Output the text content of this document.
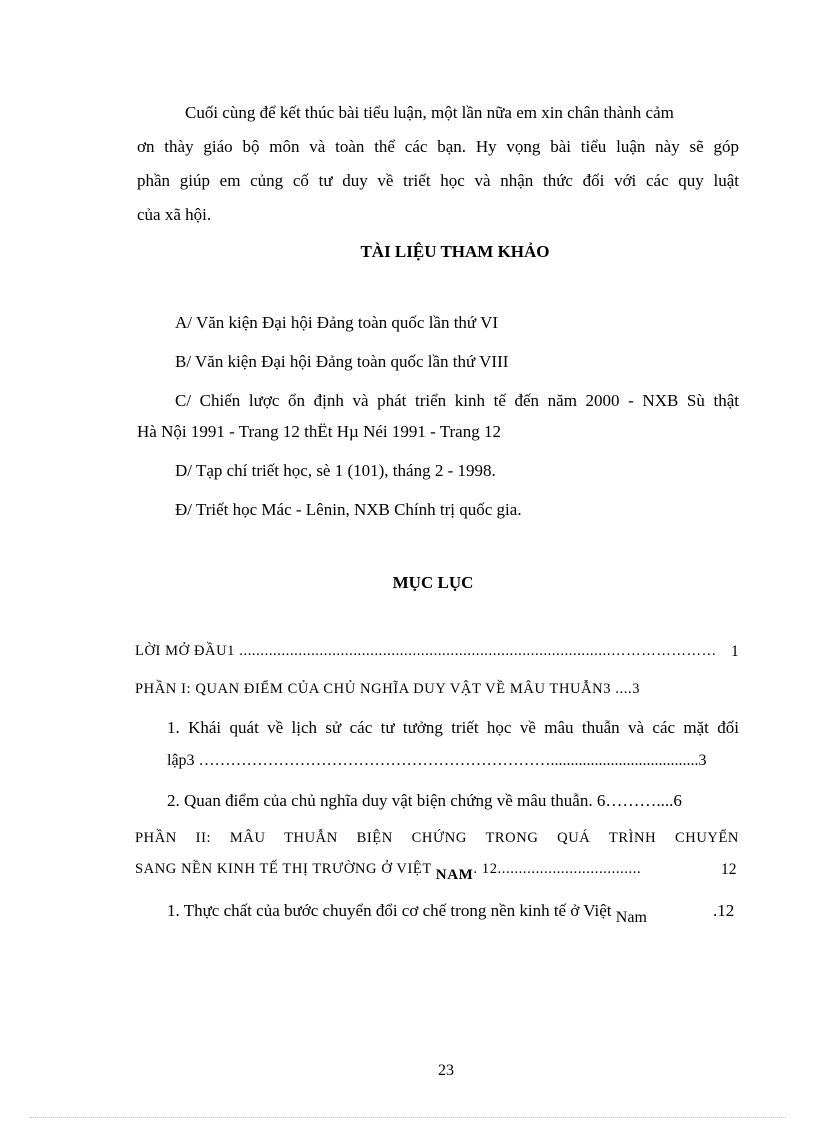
Cuối cùng để kết thúc bài tiểu luận, một lần nữa em xin chân thành cảm
ơn thày giáo bộ môn và toàn thể các bạn. Hy vọng bài tiểu luận này sẽ góp
phần giúp em củng cố tư duy về triết học và nhận thức đối với các quy luật
của xã hội.
TÀI LIỆU THAM KHẢO
A/ Văn kiện Đại hội Đảng toàn quốc lần thứ VI
B/ Văn kiện Đại hội Đảng toàn quốc lần thứ VIII
C/ Chiến lược ổn định và phát triển kinh tế đến năm 2000 - NXB Sù thật
Hà Nội 1991 - Trang 12 thËt Hµ Néi 1991 - Trang 12
D/ Tạp chí triết học, sè 1 (101), tháng 2 - 1998.
Đ/ Triết học Mác - Lênin, NXB Chính trị quốc gia.
MỤC LỤC
LỜI MỞ ĐẦU1 ........................................................................................………………… 1
PHẦN I: QUAN ĐIỂM CỦA CHỦ NGHĨA DUY VẬT VỀ MÂU THUẪN3 ....3
1. Khái quát về lịch sử các tư tưởng triết học về mâu thuẫn và các mặt đối
lập3 ………………………………………………………….....................................3
2. Quan điểm của chủ nghĩa duy vật biện chứng về mâu thuẫn. 6………....6
PHẦN II: MÂU THUẪN BIỆN CHỨNG TRONG QUÁ TRÌNH CHUYỂN
SANG NỀN KINH TẾ THỊ TRƯỜNG Ở VIỆT NAM. 12..................................	12
1. Thực chất của bước chuyển đổi cơ chế trong nền kinh tế ở Việt Nam	.12
23
